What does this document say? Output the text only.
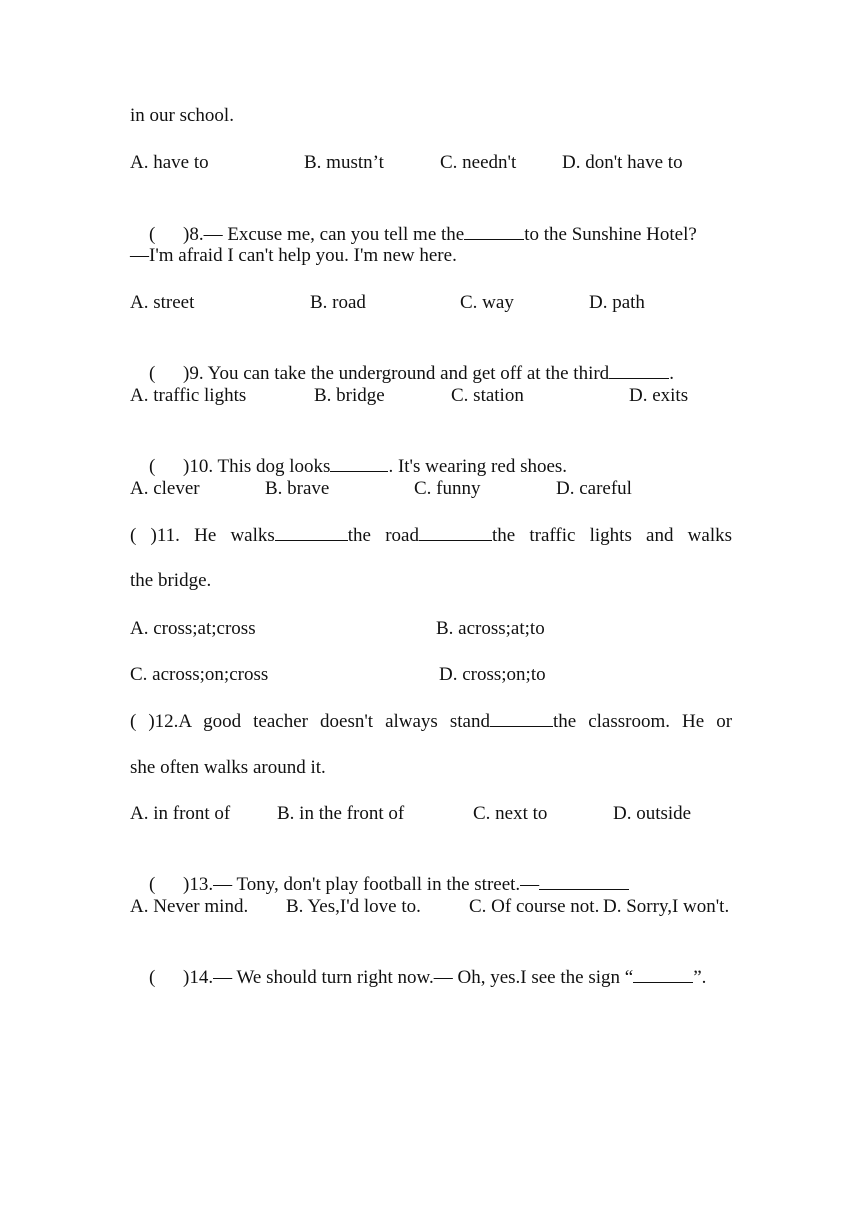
in our school.
A. have to	B. mustn’t	C. needn't D. don't have to

( )8.— Excuse me, can you tell me the	to the Sunshine Hotel?

—I'm afraid I can't help you. I'm new here.
A. street	B. road	C. way	D. path

( )9. You can take the underground and get off at the third	.

A. traffic lights	B. bridge	C. station	D. exits

( )10. This dog looks	. It's wearing red shoes.

A. clever	B. brave	C. funny	D. careful
( )11. He walks	the road	the traffic lights and walks
the bridge.
A. cross;at;cross	B. across;at;to
C. across;on;cross	D. cross;on;to
( )12.A good teacher doesn't always stand	the classroom. He or
she often walks around it.
A. in front of B. in the front of	C. next to	D. outside

( )13.— Tony, don't play football in the street.—

A. Never mind. B. Yes,I'd love to.	C. Of course not. D. Sorry,I won't.

( )14.— We should turn right now.— Oh, yes.I see the sign “	”.
